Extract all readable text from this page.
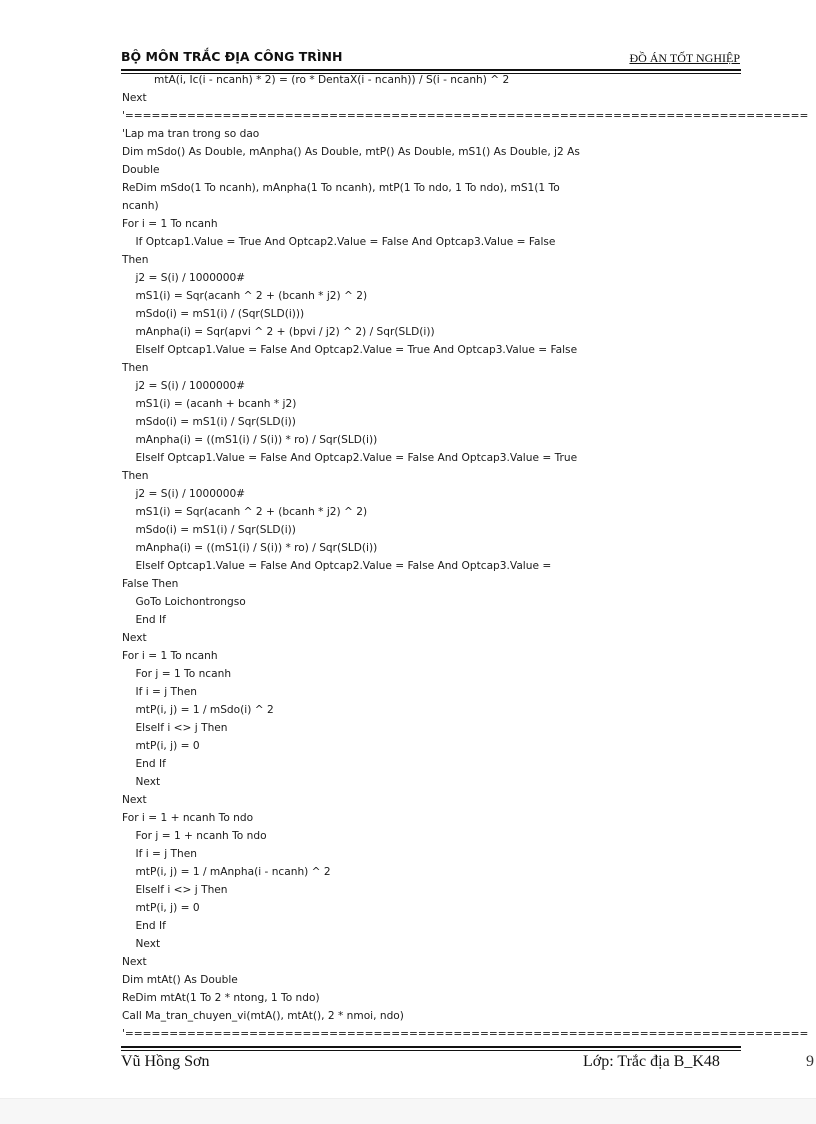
BỘ MÔN TRẮC ĐỊA CÔNG TRÌNH	ĐỒ ÁN TỐT NGHIỆP
mtA(i, Ic(i - ncanh) * 2) = (ro * DentaX(i - ncanh)) / S(i - ncanh) ^ 2
Next
'=============================================================================
'Lap ma tran trong so dao
Dim mSdo() As Double, mAnpha() As Double, mtP() As Double, mS1() As Double, j2 As
Double
ReDim mSdo(1 To ncanh), mAnpha(1 To ncanh), mtP(1 To ndo, 1 To ndo), mS1(1 To
ncanh)
For i = 1 To ncanh
If Optcap1.Value = True And Optcap2.Value = False And Optcap3.Value = False
Then
j2 = S(i) / 1000000#
mS1(i) = Sqr(acanh ^ 2 + (bcanh * j2) ^ 2)
mSdo(i) = mS1(i) / (Sqr(SLD(i)))
mAnpha(i) = Sqr(apvi ^ 2 + (bpvi / j2) ^ 2) / Sqr(SLD(i))
ElseIf Optcap1.Value = False And Optcap2.Value = True And Optcap3.Value = False
Then
j2 = S(i) / 1000000#
mS1(i) = (acanh + bcanh * j2)
mSdo(i) = mS1(i) / Sqr(SLD(i))
mAnpha(i) = ((mS1(i) / S(i)) * ro) / Sqr(SLD(i))
ElseIf Optcap1.Value = False And Optcap2.Value = False And Optcap3.Value = True
Then
j2 = S(i) / 1000000#
mS1(i) = Sqr(acanh ^ 2 + (bcanh * j2) ^ 2)
mSdo(i) = mS1(i) / Sqr(SLD(i))
mAnpha(i) = ((mS1(i) / S(i)) * ro) / Sqr(SLD(i))
ElseIf Optcap1.Value = False And Optcap2.Value = False And Optcap3.Value =
False Then
GoTo Loichontrongso
End If
Next
For i = 1 To ncanh
For j = 1 To ncanh
If i = j Then
mtP(i, j) = 1 / mSdo(i) ^ 2
ElseIf i <> j Then
mtP(i, j) = 0
End If
Next
Next
For i = 1 + ncanh To ndo
For j = 1 + ncanh To ndo
If i = j Then
mtP(i, j) = 1 / mAnpha(i - ncanh) ^ 2
ElseIf i <> j Then
mtP(i, j) = 0
End If
Next
Next
Dim mtAt() As Double
ReDim mtAt(1 To 2 * ntong, 1 To ndo)
Call Ma_tran_chuyen_vi(mtA(), mtAt(), 2 * nmoi, ndo)
'=============================================================================
Vũ Hồng Sơn	Lớp: Trắc địa B_K48	9
